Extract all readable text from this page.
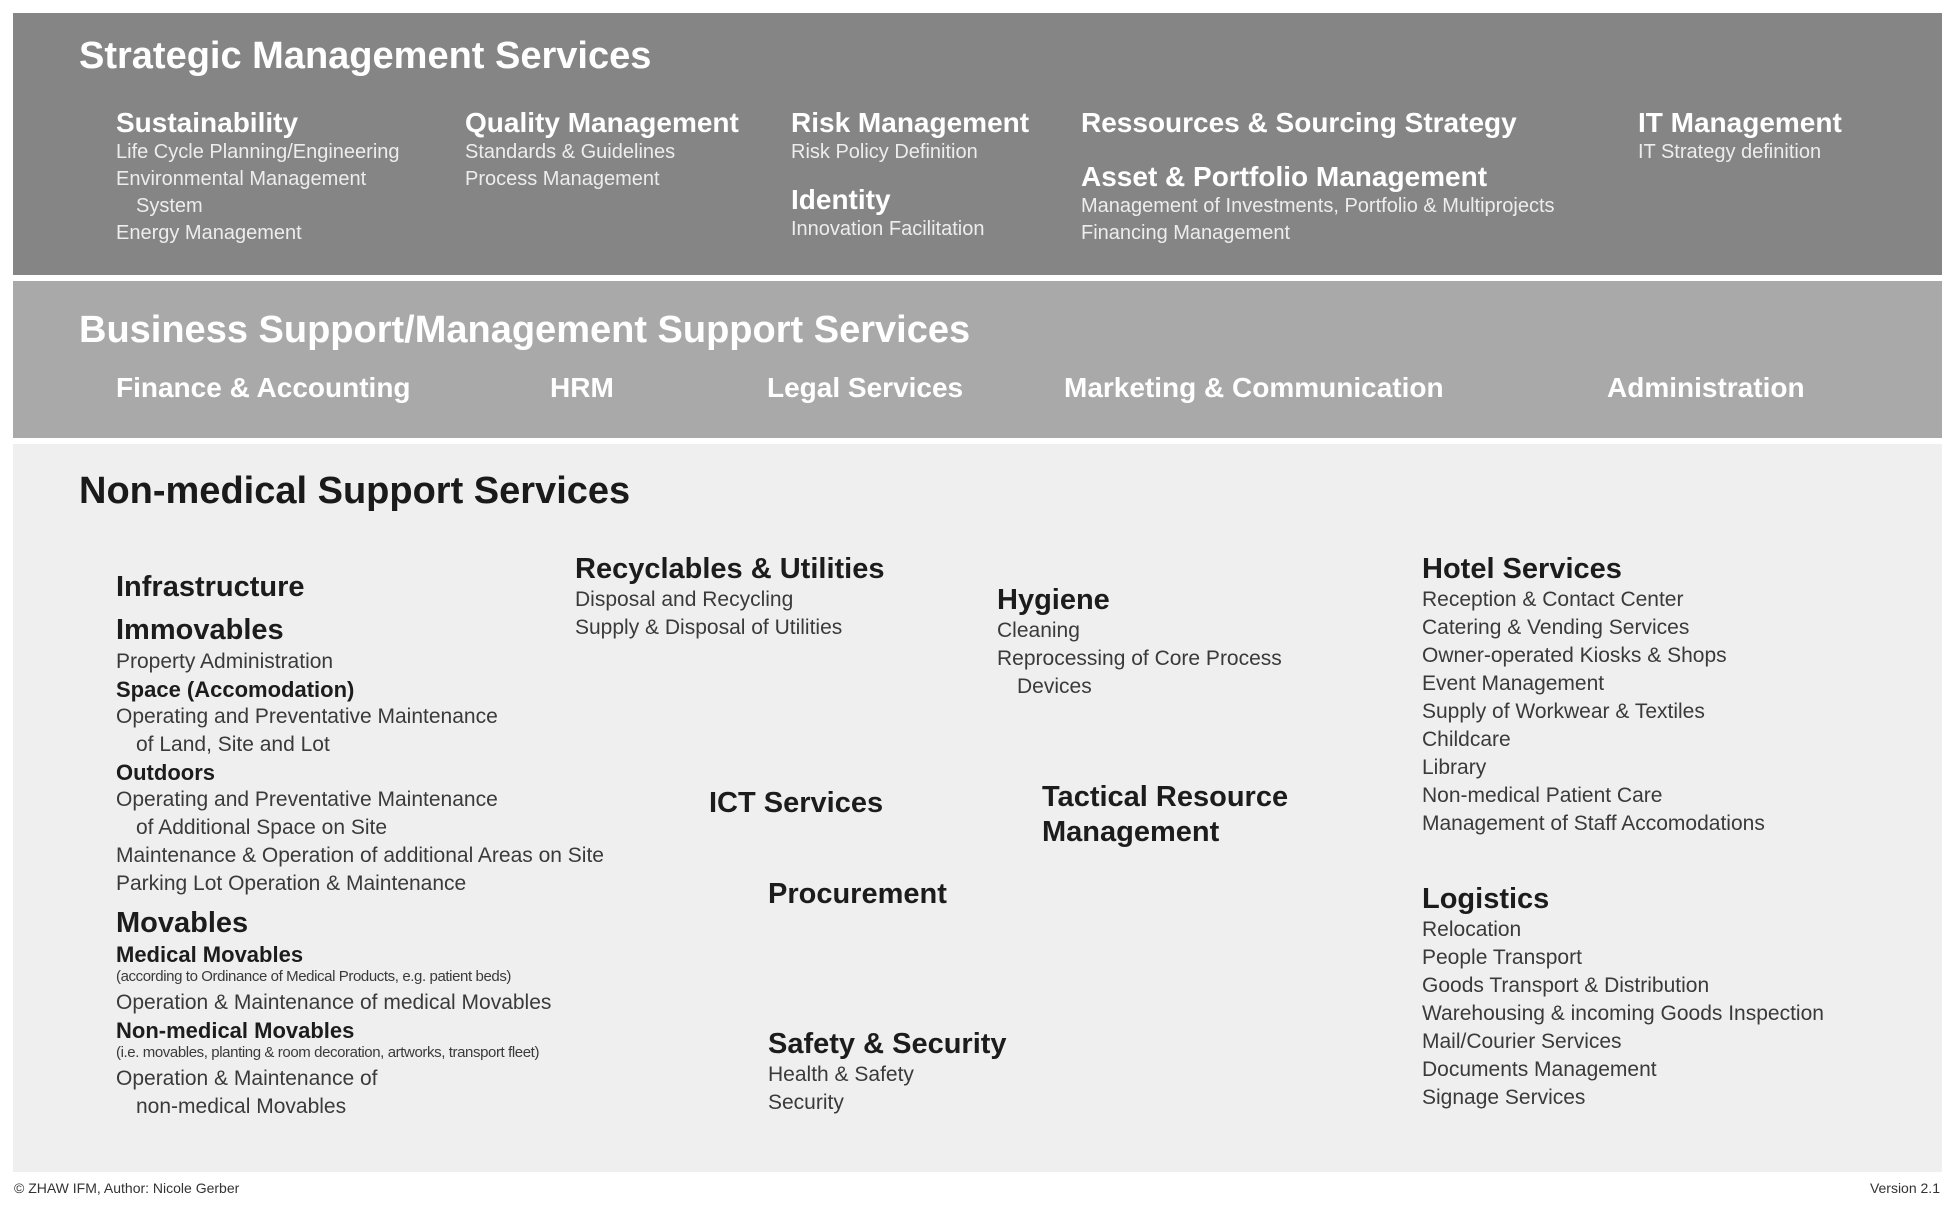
Strategic Management Services
Sustainability
Life Cycle Planning/Engineering
Environmental Management
System
Energy Management
Quality Management
Standards & Guidelines
Process Management
Risk Management
Risk Policy Definition
Identity
Innovation Facilitation
Ressources & Sourcing Strategy
Asset & Portfolio Management
Management of Investments, Portfolio & Multiprojects
Financing Management
IT Management
IT Strategy definition
Business Support/Management Support Services
Finance & Accounting	HRM	Legal Services	Marketing & Communication	Administration
Non-medical Support Services
Infrastructure
Immovables
Property Administration
Space (Accomodation)
Operating and Preventative Maintenance
of Land, Site and Lot
Outdoors
Operating and Preventative Maintenance
of Additional Space on Site
Maintenance & Operation of additional Areas on Site
Parking Lot Operation & Maintenance
Movables
Medical Movables
(according to Ordinance of Medical Products, e.g. patient beds)
Operation & Maintenance of medical Movables
Non-medical Movables
(i.e. movables, planting & room decoration, artworks, transport fleet)
Operation & Maintenance of
non-medical Movables
Recyclables & Utilities
Disposal and Recycling
Supply & Disposal of Utilities
Hygiene
Cleaning
Reprocessing of Core Process
Devices
ICT Services	Tactical Resource
Management
Procurement
Safety & Security
Health & Safety
Security
Hotel Services
Reception & Contact Center
Catering & Vending Services
Owner-operated Kiosks & Shops
Event Management
Supply of Workwear & Textiles
Childcare
Library
Non-medical Patient Care
Management of Staff Accomodations
Logistics
Relocation
People Transport
Goods Transport & Distribution
Warehousing & incoming Goods Inspection
Mail/Courier Services
Documents Management
Signage Services
© ZHAW IFM, Author: Nicole Gerber	Version 2.1
